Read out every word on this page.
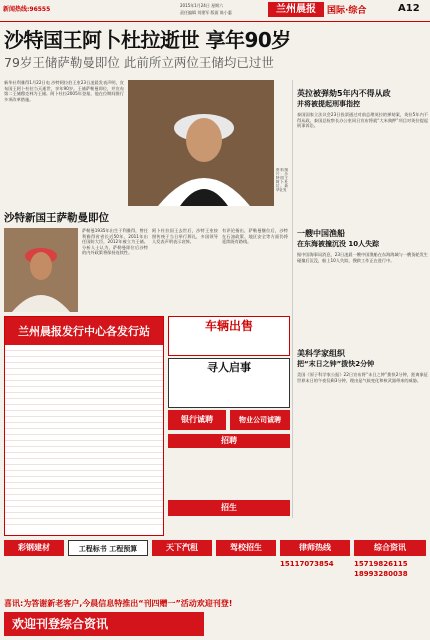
新闻热线:96555
2015年1月24日 星期六
责任编辑 刘建军 版面 陈小惠	兰州晨报	国际·综合	A12
沙特国王阿卜杜拉逝世 享年90岁
79岁王储萨勒曼即位 此前所立两位王储均已过世
新华社利雅得1月22日电 沙特阿拉伯王室23日凌晨发表声明，宣布国王阿卜杜拉当天逝世，享年90岁。王储萨勒曼即位，并宣布第二王储穆克林为王储。阿卜杜拉2005年登基，他在位期间推行多项改革措施。
资料图片：沙特国王阿卜杜拉。新华社发
沙特新国王萨勒曼即位
萨勒曼1935年出生于利雅得，曾任利雅得省省长近50年，2011年出任国防大臣，2012年被立为王储。分析人士认为，萨勒曼即位后沙特的内外政策将保持连续性。
阿卜杜拉国王去世后，沙特王室按照传统于当日举行葬礼，多国领导人发表声明表示哀悼。
有评论指出，萨勒曼继位后，沙特在石油政策、地区安全等方面仍将延续既有路线。
英拉被弹劾5年内不得从政
并将被提起刑事指控
泰国国家立法议会23日投票通过对前总理英拉的弹劾案，英拉5年内不得从政。泰国总检察长办公室同日宣布将就“大米典押”项目对英拉提起刑事诉讼。
一艘中国渔船
在东海被撞沉没 10人失踪
据中国海事局消息，23日凌晨一艘中国渔船在东海海域与一艘货轮发生碰撞后沉没，船上10人失踪，搜救工作正在进行中。
美科学家组织
把“末日之钟”拨快2分钟
美国《原子科学家公报》22日宣布将“末日之钟”拨快2分钟，距离象征世界末日的午夜仅剩3分钟，理由是气候变化和核武器带来的威胁。
兰州晨报发行中心各发行站	车辆出售
寻人启事
银行诚聘	物业公司诚聘
招聘
招生
彩钢建材	工程标书 工程预算	天下汽租	驾校招生	律师热线	综合资讯
15117073854	15719826115
18993280038
喜讯:为答谢新老客户,今晨信息特推出“刊四赠一”活动欢迎刊登!
欢迎刊登综合资讯
